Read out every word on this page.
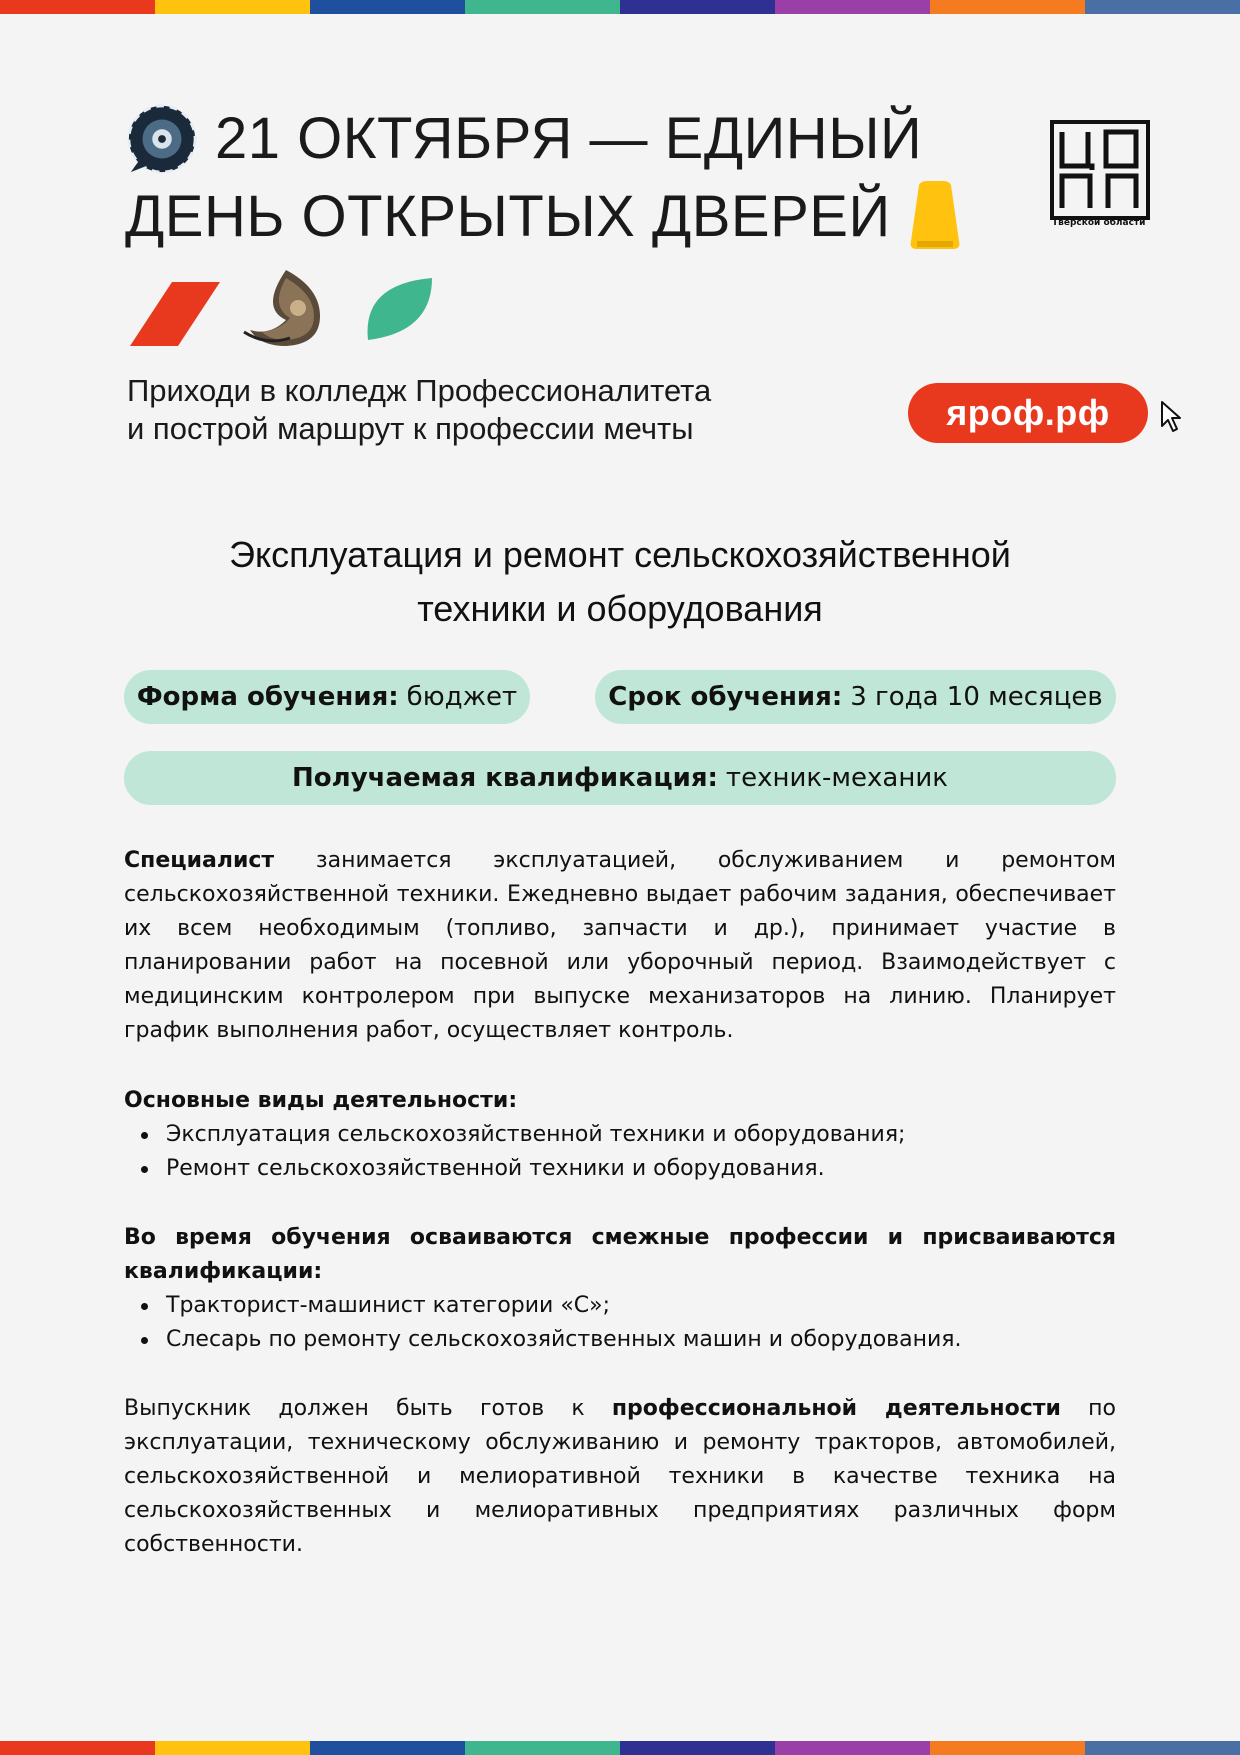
21 ОКТЯБРЯ — ЕДИНЫЙ
ДЕНЬ ОТКРЫТЫХ ДВЕРЕЙ	Тверской области
Приходи в колледж Профессионалитета
и построй маршрут к профессии мечты	яроф.рф
Эксплуатация и ремонт сельскохозяйственной
техники и оборудования
Форма обучения: бюджет	Срок обучения: 3 года 10 месяцев
Получаемая квалификация: техник-механик

Специалист занимается эксплуатацией, обслуживанием и ремонтом сельскохозяйственной техники. Ежедневно выдает рабочим задания, обеспечивает их всем необходимым (топливо, запчасти и др.), принимает участие в планировании работ на посевной или уборочный период. Взаимодействует с медицинским контролером при выпуске механизаторов на линию. Планирует график выполнения работ, осуществляет контроль.

Основные виды деятельности:

Эксплуатация сельскохозяйственной техники и оборудования;
Ремонт сельскохозяйственной техники и оборудования.

Во время обучения осваиваются смежные профессии и присваиваются квалификации:

Тракторист-машинист категории «С»;
Слесарь по ремонту сельскохозяйственных машин и оборудования.

Выпускник должен быть готов к профессиональной деятельности по эксплуатации, техническому обслуживанию и ремонту тракторов, автомобилей, сельскохозяйственной и мелиоративной техники в качестве техника на сельскохозяйственных и мелиоративных предприятиях различных форм собственности.
